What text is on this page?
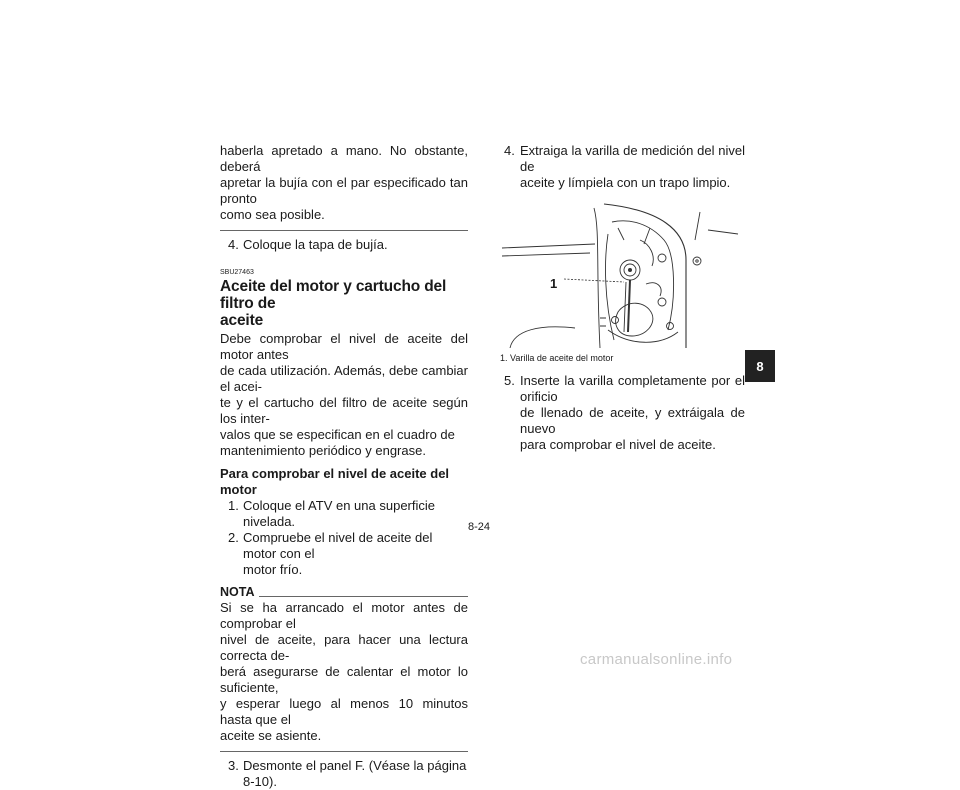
haberla apretado a mano. No obstante, deberá

apretar la bujía con el par especificado tan pronto

como sea posible.

4. Coloque la tapa de bujía.
SBU27463
Aceite del motor y cartucho del filtro de
aceite

Debe comprobar el nivel de aceite del motor antes

de cada utilización. Además, debe cambiar el acei-

te y el cartucho del filtro de aceite según los inter-

valos que se especifican en el cuadro de

mantenimiento periódico y engrase.

Para comprobar el nivel de aceite del motor

1. Coloque el ATV en una superficie nivelada.
2. Compruebe el nivel de aceite del motor con el
motor frío.
NOTA

Si se ha arrancado el motor antes de comprobar el

nivel de aceite, para hacer una lectura correcta de-

berá asegurarse de calentar el motor lo suficiente,

y esperar luego al menos 10 minutos hasta que el

aceite se asiente.

3. Desmonte el panel F. (Véase la página 8-10).
4. Extraiga la varilla de medición del nivel de
aceite y límpiela con un trapo limpio.
1
1. Varilla de aceite del motor
5. Inserte la varilla completamente por el orificio
de llenado de aceite, y extráigala de nuevo
para comprobar el nivel de aceite.
8-24
8
carmanualsonline.info
